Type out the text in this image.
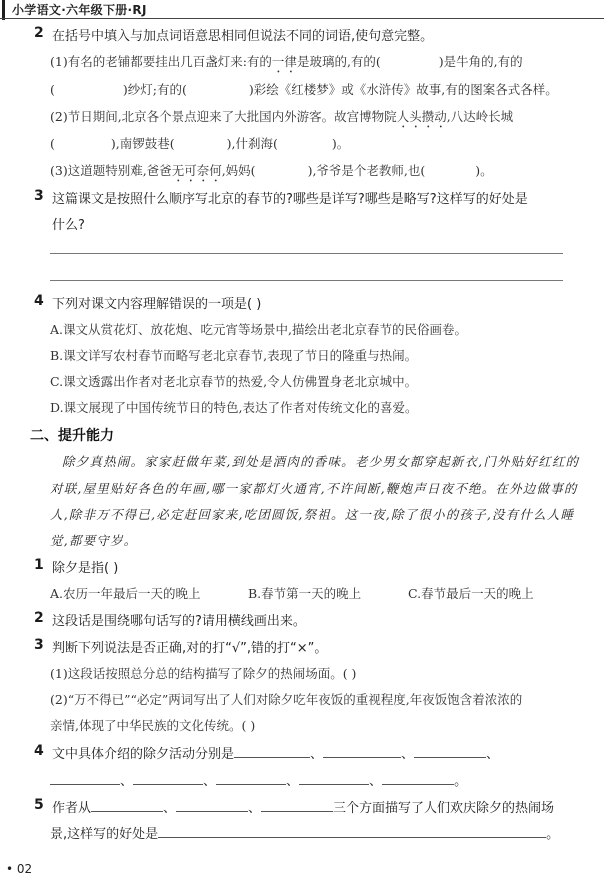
小学语文·六年级下册·RJ
2 在括号中填入与加点词语意思相同但说法不同的词语,使句意完整。
(1)有名的老铺都要挂出几百盏灯来:有的一律是玻璃的,有的(	)是牛角的,有的
(	)纱灯;有的(	)彩绘《红楼梦》或《水浒传》故事,有的图案各式各样。
(2)节日期间,北京各个景点迎来了大批国内外游客。故宫博物院人头攒动,八达岭长城
(	),南锣鼓巷(	),什刹海(	)。
(3)这道题特别难,爸爸无可奈何,妈妈(	),爷爷是个老教师,也(	)。
3 这篇课文是按照什么顺序写北京的春节的?哪些是详写?哪些是略写?这样写的好处是
什么?
4 下列对课文内容理解错误的一项是( )
A.课文从赏花灯、放花炮、吃元宵等场景中,描绘出老北京春节的民俗画卷。
B.课文详写农村春节而略写老北京春节,表现了节日的隆重与热闹。
C.课文透露出作者对老北京春节的热爱,令人仿佛置身老北京城中。
D.课文展现了中国传统节日的特色,表达了作者对传统文化的喜爱。
二、提升能力
除夕真热闹。家家赶做年菜,到处是酒肉的香味。老少男女都穿起新衣,门外贴好红红的
对联,屋里贴好各色的年画,哪一家都灯火通宵,不许间断,鞭炮声日夜不绝。在外边做事的
人,除非万不得已,必定赶回家来,吃团圆饭,祭祖。这一夜,除了很小的孩子,没有什么人睡
觉,都要守岁。
1 除夕是指( )
A.农历一年最后一天的晚上	B.春节第一天的晚上	C.春节最后一天的晚上
2 这段话是围绕哪句话写的?请用横线画出来。
3 判断下列说法是否正确,对的打“√”,错的打“×”。
(1)这段话按照总分总的结构描写了除夕的热闹场面。( )
(2)“万不得已”“必定”两词写出了人们对除夕吃年夜饭的重视程度,年夜饭饱含着浓浓的
亲情,体现了中华民族的文化传统。( )
4 文中具体介绍的除夕活动分别是	、	、	、
、	、	、	、	。
5 作者从	、	、	三个方面描写了人们欢庆除夕的热闹场
景,这样写的好处是	。
• 02
